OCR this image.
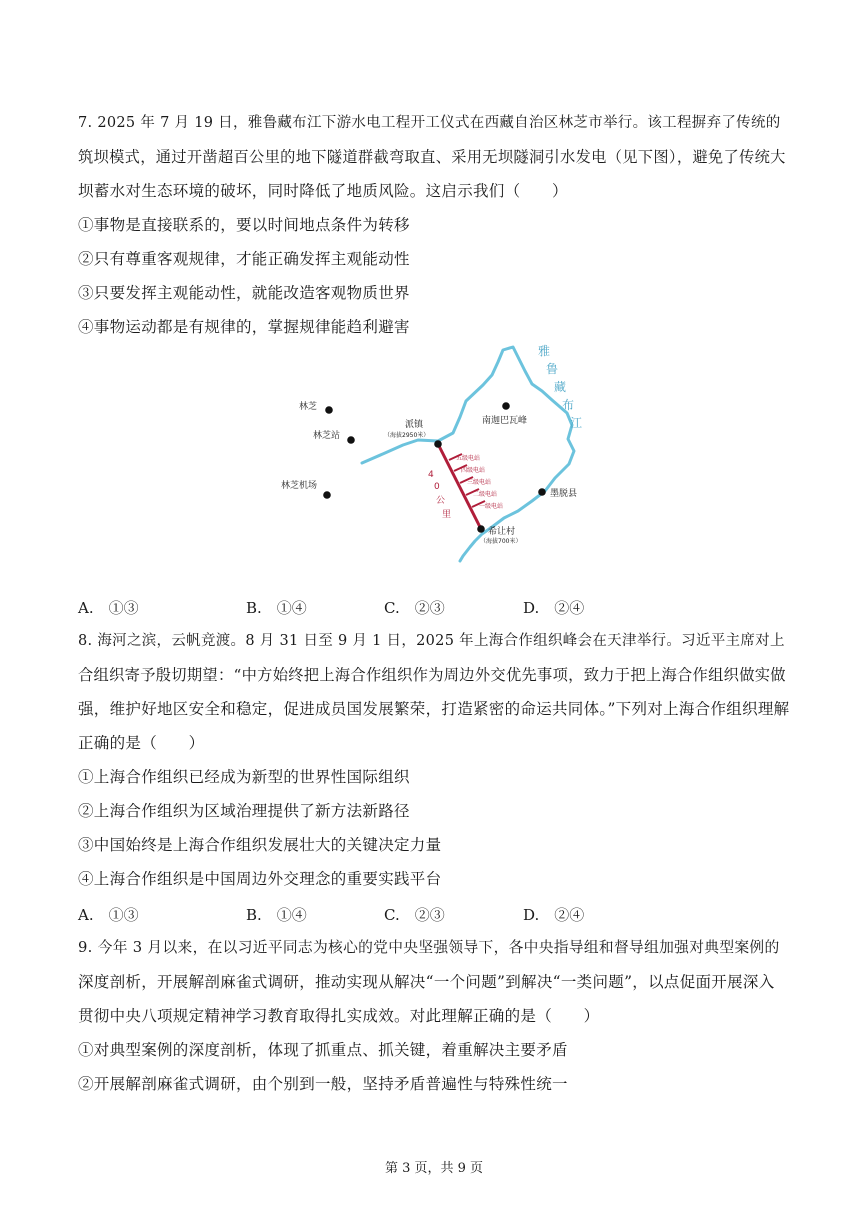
7. 2025 年 7 月 19 日，雅鲁藏布江下游水电工程开工仪式在西藏自治区林芝市举行。该工程摒弃了传统的
筑坝模式，通过开凿超百公里的地下隧道群截弯取直、采用无坝隧洞引水发电（见下图），避免了传统大
坝蓄水对生态环境的破坏，同时降低了地质风险。这启示我们（　　）
①事物是直接联系的，要以时间地点条件为转移
②只有尊重客观规律，才能正确发挥主观能动性
③只要发挥主观能动性，就能改造客观物质世界
④事物运动都是有规律的，掌握规律能趋利避害
雅
鲁
藏
布
江
五级电站
四级电站
三级电站
二级电站
一级电站
4
0
公
里
林芝
林芝站
林芝机场
派镇
（海拔2950米）
南迦巴瓦峰
墨脱县
希让村
（海拔700米）
A.　①③	B.　①④	C.　②③	D.　②④
8. 海河之滨，云帆竞渡。8 月 31 日至 9 月 1 日，2025 年上海合作组织峰会在天津举行。习近平主席对上
合组织寄予殷切期望：“中方始终把上海合作组织作为周边外交优先事项，致力于把上海合作组织做实做
强，维护好地区安全和稳定，促进成员国发展繁荣，打造紧密的命运共同体。”下列对上海合作组织理解
正确的是（　　）
①上海合作组织已经成为新型的世界性国际组织
②上海合作组织为区域治理提供了新方法新路径
③中国始终是上海合作组织发展壮大的关键决定力量
④上海合作组织是中国周边外交理念的重要实践平台
A.　①③	B.　①④	C.　②③	D.　②④
9. 今年 3 月以来，在以习近平同志为核心的党中央坚强领导下，各中央指导组和督导组加强对典型案例的
深度剖析，开展解剖麻雀式调研，推动实现从解决“一个问题”到解决“一类问题”，以点促面开展深入
贯彻中央八项规定精神学习教育取得扎实成效。对此理解正确的是（　　）
①对典型案例的深度剖析，体现了抓重点、抓关键，着重解决主要矛盾
②开展解剖麻雀式调研，由个别到一般，坚持矛盾普遍性与特殊性统一
第 3 页，共 9 页
